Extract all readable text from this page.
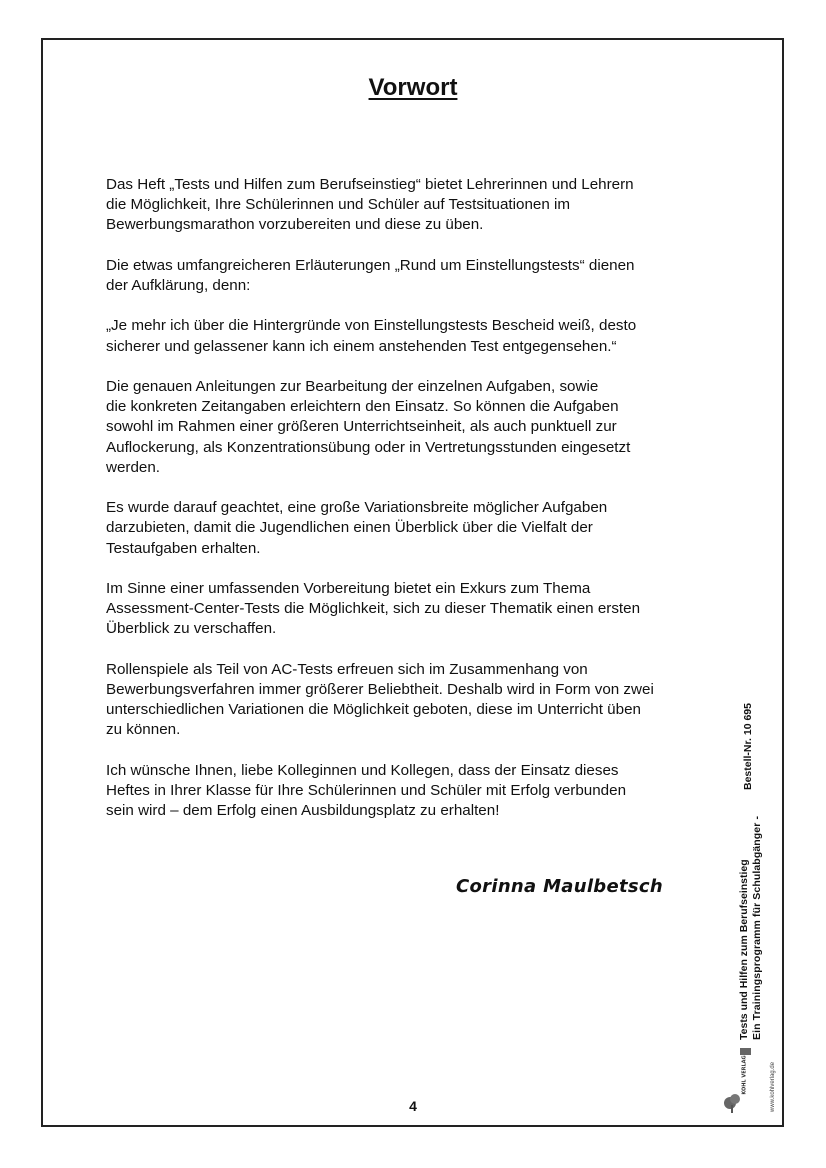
Vorwort

Das Heft „Tests und Hilfen zum Berufseinstieg“ bietet Lehrerinnen und Lehrern
die Möglichkeit, Ihre Schülerinnen und Schüler auf Testsituationen im
Bewerbungsmarathon vorzubereiten und diese zu üben.

Die etwas umfangreicheren Erläuterungen „Rund um Einstellungstests“ dienen
der Aufklärung, denn:

„Je mehr ich über die Hintergründe von Einstellungstests Bescheid weiß, desto
sicherer und gelassener kann ich einem anstehenden Test entgegensehen.“

Die genauen Anleitungen zur Bearbeitung der einzelnen Aufgaben, sowie
die konkreten Zeitangaben erleichtern den Einsatz. So können die Aufgaben
sowohl im Rahmen einer größeren Unterrichtseinheit, als auch punktuell zur
Auflockerung, als Konzentrationsübung oder in Vertretungsstunden eingesetzt
werden.

Es wurde darauf geachtet, eine große Variationsbreite möglicher Aufgaben
darzubieten, damit die Jugendlichen einen Überblick über die Vielfalt der
Testaufgaben erhalten.

Im Sinne einer umfassenden Vorbereitung bietet ein Exkurs zum Thema
Assessment-Center-Tests die Möglichkeit, sich zu dieser Thematik einen ersten
Überblick zu verschaffen.

Rollenspiele als Teil von AC-Tests erfreuen sich im Zusammenhang von
Bewerbungsverfahren immer größerer Beliebtheit. Deshalb wird in Form von zwei
unterschiedlichen Variationen die Möglichkeit geboten, diese im Unterricht üben
zu können.

Ich wünsche Ihnen, liebe Kolleginnen und Kollegen, dass der Einsatz dieses
Heftes in Ihrer Klasse für Ihre Schülerinnen und Schüler mit Erfolg verbunden
sein wird – dem Erfolg einen Ausbildungsplatz zu erhalten!

Corinna Maulbetsch	Tests und Hilfen zum Berufseinstieg Ein Trainingsprogramm für Schulabgänger -
Bestell-Nr. 10 695
KOHL VERLAG	www.kohlverlag.de
4
